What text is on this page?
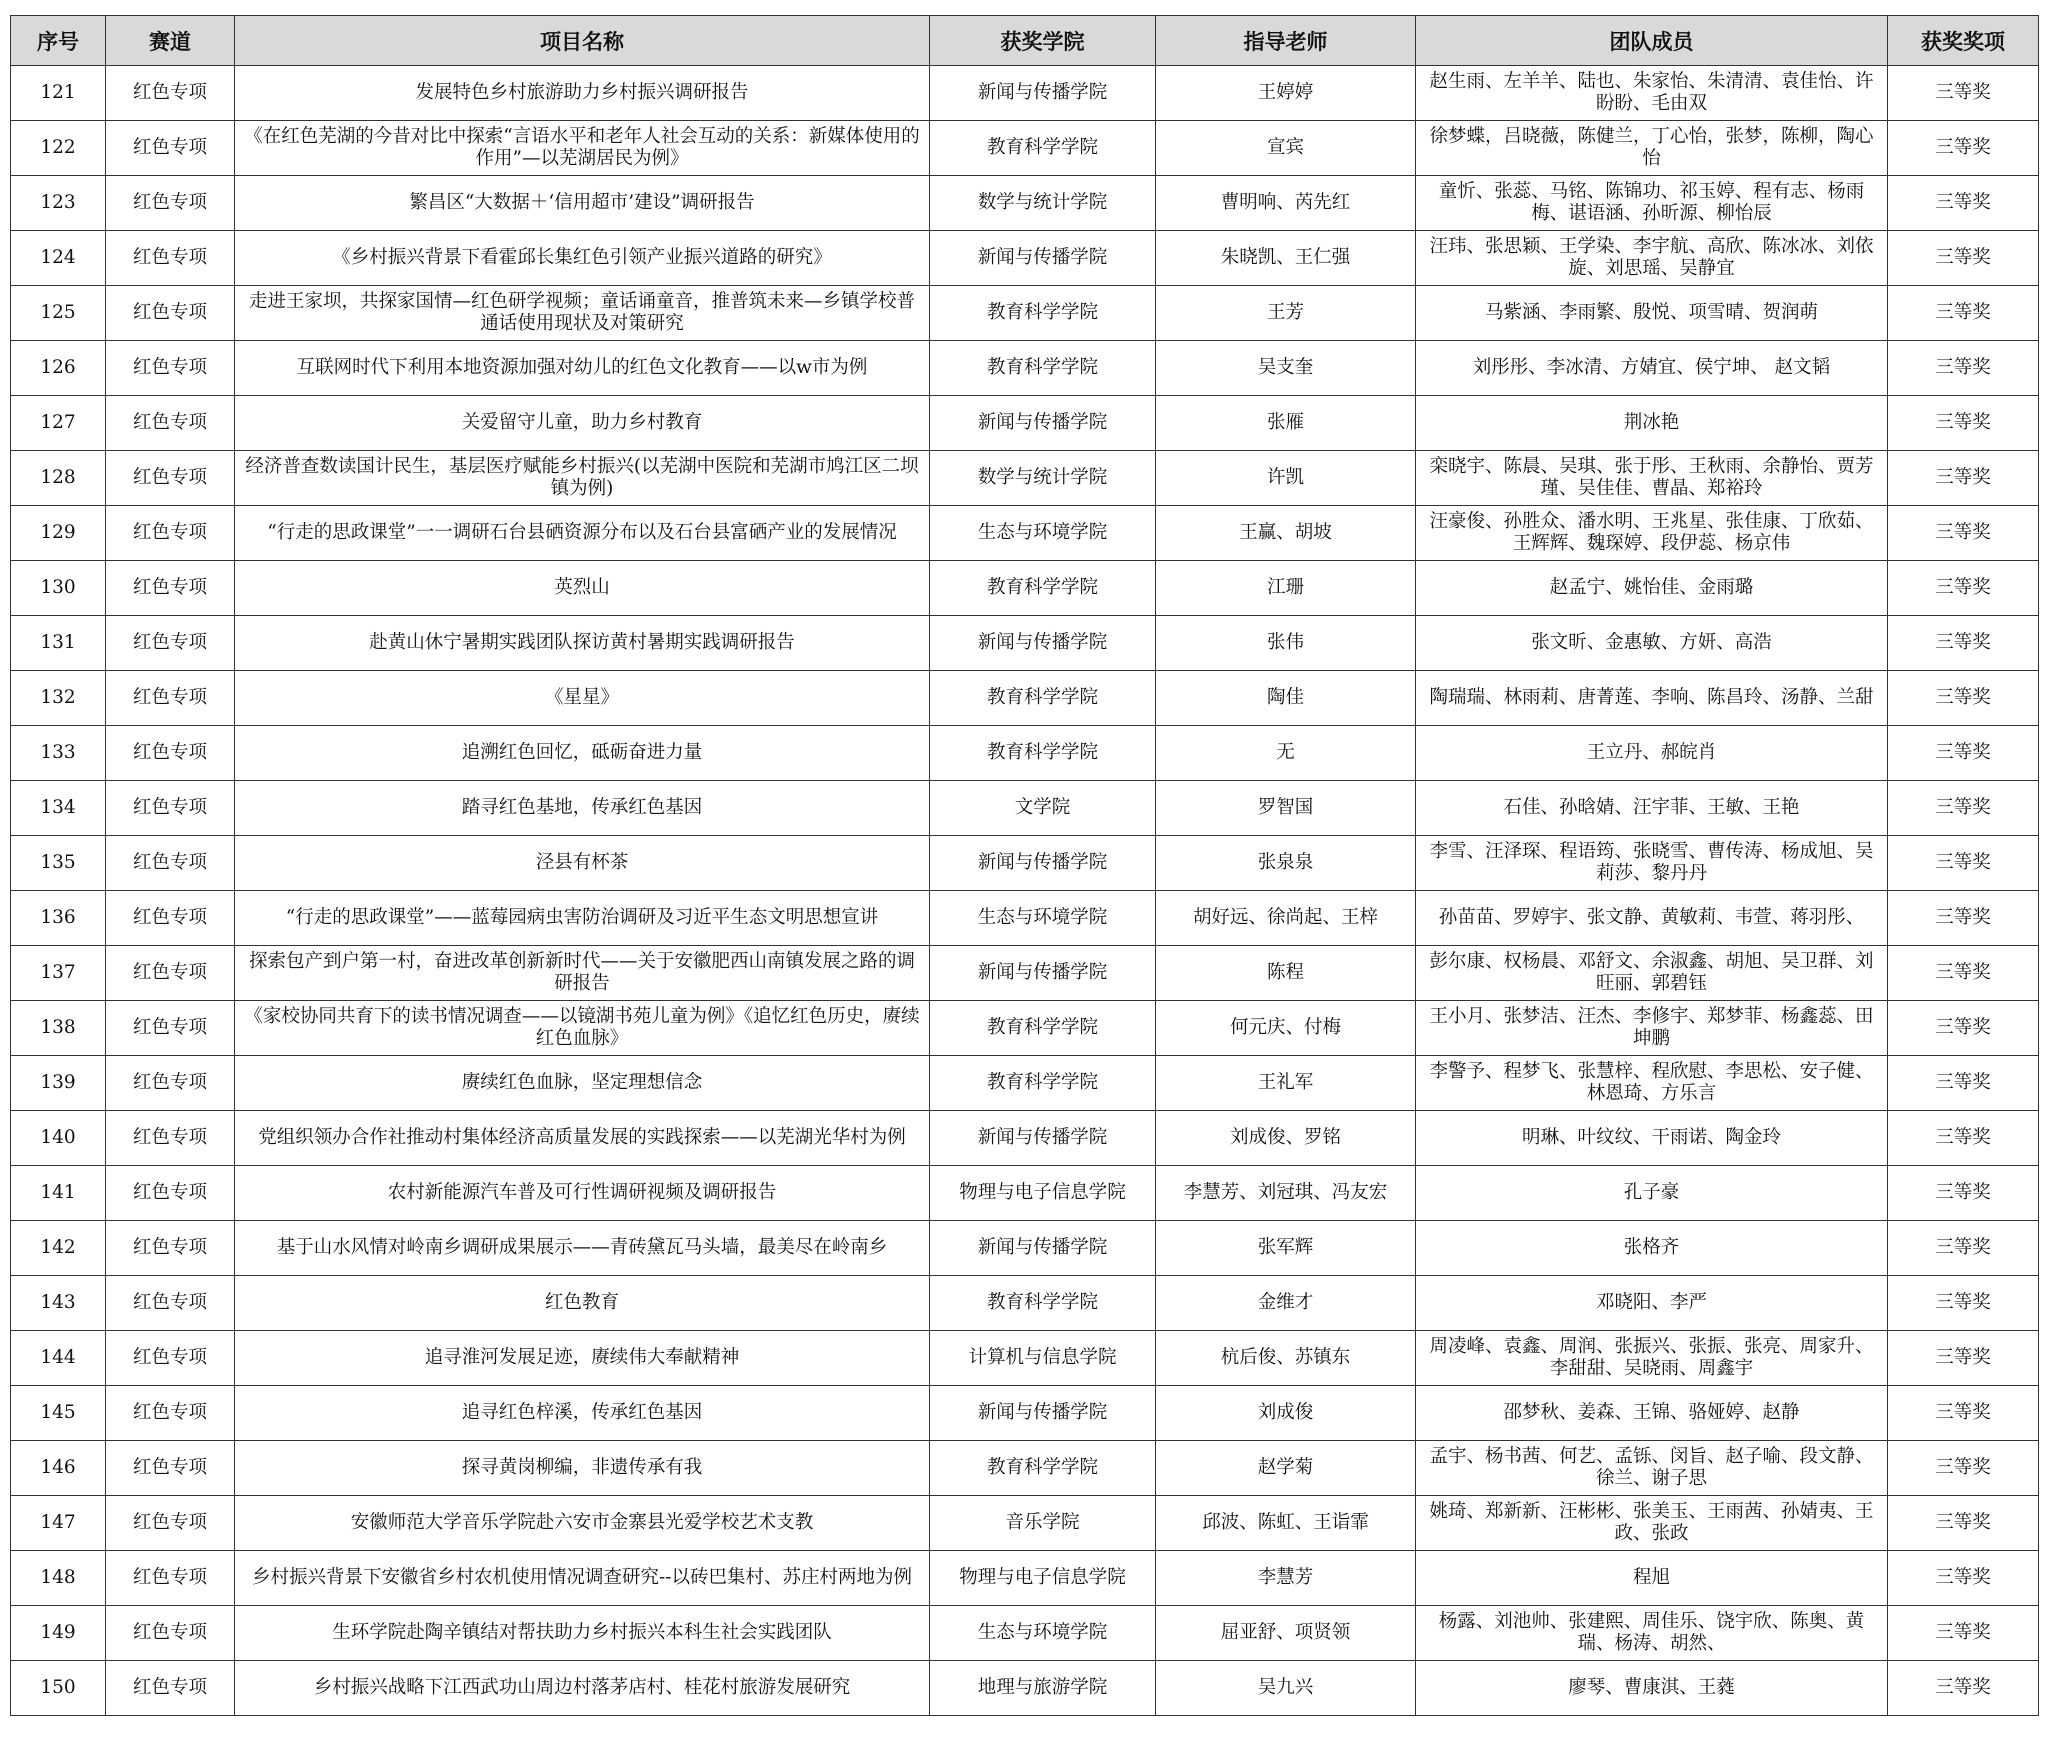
序号	赛道	项目名称	获奖学院	指导老师	团队成员	获奖奖项
121	红色专项	发展特色乡村旅游助力乡村振兴调研报告	新闻与传播学院	王婷婷	赵生雨、左羊羊、陆也、朱家怡、朱清清、袁佳怡、许盼盼、毛由双	三等奖
122	红色专项	《在红色芜湖的今昔对比中探索“言语水平和老年人社会互动的关系：新媒体使用的作用”—以芜湖居民为例》	教育科学学院	宣宾	徐梦蝶，吕晓薇，陈健兰，丁心怡，张梦，陈柳，陶心怡	三等奖
123	红色专项	繁昌区“大数据＋‘信用超市’建设”调研报告	数学与统计学院	曹明响、芮先红	童忻、张蕊、马铭、陈锦功、祁玉婷、程有志、杨雨梅、谌语涵、孙昕源、柳怡辰	三等奖
124	红色专项	《乡村振兴背景下看霍邱长集红色引领产业振兴道路的研究》	新闻与传播学院	朱晓凯、王仁强	汪玮、张思颖、王学染、李宇航、高欣、陈冰冰、刘依旋、刘思瑶、吴静宜	三等奖
125	红色专项	走进王家坝，共探家国情—红色研学视频；童话诵童音，推普筑未来—乡镇学校普通话使用现状及对策研究	教育科学学院	王芳	马紫涵、李雨繁、殷悦、项雪晴、贺润萌	三等奖
126	红色专项	互联网时代下利用本地资源加强对幼儿的红色文化教育——以w市为例	教育科学学院	吴支奎	刘彤彤、李冰清、方婧宜、侯宁坤、 赵文韬	三等奖
127	红色专项	关爱留守儿童，助力乡村教育	新闻与传播学院	张雁	荆冰艳	三等奖
128	红色专项	经济普查数读国计民生，基层医疗赋能乡村振兴(以芜湖中医院和芜湖市鸠江区二坝镇为例)	数学与统计学院	许凯	栾晓宇、陈晨、吴琪、张于彤、王秋雨、余静怡、贾芳瑾、吴佳佳、曹晶、郑裕玲	三等奖
129	红色专项	“行走的思政课堂”一一调研石台县硒资源分布以及石台县富硒产业的发展情况	生态与环境学院	王赢、胡坡	汪豪俊、孙胜众、潘水明、王兆星、张佳康、丁欣茹、王辉辉、魏琛婷、段伊蕊、杨京伟	三等奖
130	红色专项	英烈山	教育科学学院	江珊	赵孟宁、姚怡佳、金雨璐	三等奖
131	红色专项	赴黄山休宁暑期实践团队探访黄村暑期实践调研报告	新闻与传播学院	张伟	张文昕、金惠敏、方妍、高浩	三等奖
132	红色专项	《星星》	教育科学学院	陶佳	陶瑞瑞、林雨莉、唐菁莲、李响、陈昌玲、汤静、兰甜	三等奖
133	红色专项	追溯红色回忆，砥砺奋进力量	教育科学学院	无	王立丹、郝皖肖	三等奖
134	红色专项	踏寻红色基地，传承红色基因	文学院	罗智国	石佳、孙晗婧、汪宇菲、王敏、王艳	三等奖
135	红色专项	泾县有杯茶	新闻与传播学院	张泉泉	李雪、汪泽琛、程语筠、张晓雪、曹传涛、杨成旭、吴莉莎、黎丹丹	三等奖
136	红色专项	“行走的思政课堂”——蓝莓园病虫害防治调研及习近平生态文明思想宣讲	生态与环境学院	胡好远、徐尚起、王梓	孙苗苗、罗婷宇、张文静、黄敏莉、韦萱、蒋羽彤、	三等奖
137	红色专项	探索包产到户第一村，奋进改革创新新时代——关于安徽肥西山南镇发展之路的调研报告	新闻与传播学院	陈程	彭尔康、权杨晨、邓舒文、余淑鑫、胡旭、吴卫群、刘旺丽、郭碧钰	三等奖
138	红色专项	《家校协同共育下的读书情况调查——以镜湖书苑儿童为例》《追忆红色历史，赓续红色血脉》	教育科学学院	何元庆、付梅	王小月、张梦洁、汪杰、李修宇、郑梦菲、杨鑫蕊、田坤鹏	三等奖
139	红色专项	赓续红色血脉，坚定理想信念	教育科学学院	王礼军	李警予、程梦飞、张慧梓、程欣慰、李思松、安子健、林恩琦、方乐言	三等奖
140	红色专项	党组织领办合作社推动村集体经济高质量发展的实践探索——以芜湖光华村为例	新闻与传播学院	刘成俊、罗铭	明琳、叶纹纹、干雨诺、陶金玲	三等奖
141	红色专项	农村新能源汽车普及可行性调研视频及调研报告	物理与电子信息学院	李慧芳、刘冠琪、冯友宏	孔子豪	三等奖
142	红色专项	基于山水风情对岭南乡调研成果展示——青砖黛瓦马头墙，最美尽在岭南乡	新闻与传播学院	张军辉	张格齐	三等奖
143	红色专项	红色教育	教育科学学院	金维才	邓晓阳、李严	三等奖
144	红色专项	追寻淮河发展足迹，赓续伟大奉献精神	计算机与信息学院	杭后俊、苏镇东	周凌峰、袁鑫、周润、张振兴、张振、张亮、周家升、李甜甜、吴晓雨、周鑫宇	三等奖
145	红色专项	追寻红色梓溪，传承红色基因	新闻与传播学院	刘成俊	邵梦秋、姜森、王锦、骆娅婷、赵静	三等奖
146	红色专项	探寻黄岗柳编，非遗传承有我	教育科学学院	赵学菊	孟宇、杨书茜、何艺、孟铄、闵旨、赵子喻、段文静、徐兰、谢子思	三等奖
147	红色专项	安徽师范大学音乐学院赴六安市金寨县光爱学校艺术支教	音乐学院	邱波、陈虹、王诣霏	姚琦、郑新新、汪彬彬、张美玉、王雨茜、孙婧夷、王政、张政	三等奖
148	红色专项	乡村振兴背景下安徽省乡村农机使用情况调查研究--以砖巴集村、苏庄村两地为例	物理与电子信息学院	李慧芳	程旭	三等奖
149	红色专项	生环学院赴陶辛镇结对帮扶助力乡村振兴本科生社会实践团队	生态与环境学院	屈亚舒、项贤领	杨露、刘池帅、张建熙、周佳乐、饶宇欣、陈奥、黄瑞、杨涛、胡然、	三等奖
150	红色专项	乡村振兴战略下江西武功山周边村落茅店村、桂花村旅游发展研究	地理与旅游学院	吴九兴	廖琴、曹康淇、王蕤	三等奖
